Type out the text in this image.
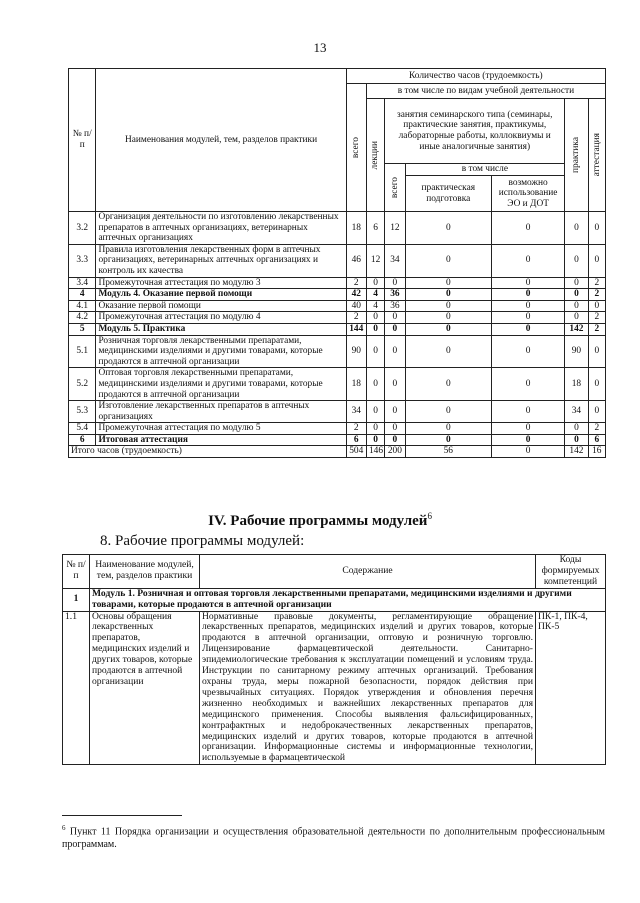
13
№ п/п	Наименования модулей, тем, разделов практики	Количество часов (трудоемкость)						

		всего	в том числе по видам учебной деятельности					

			лекции	занятия семинарского типа (семинары, практические занятия, практикумы, лабораторные работы, коллоквиумы и иные аналогичные занятия)			практика	аттестация

				всего	в том числе			
					практическая подготовка	возможно использование ЭО и ДОТ		
3.2	Организация деятельности по изготовлению лекарственных препаратов в аптечных организациях, ветеринарных аптечных организациях	18	6	12	0	0	0	0
3.3	Правила изготовления лекарственных форм в аптечных организациях, ветеринарных аптечных организациях и контроль их качества	46	12	34	0	0	0	0
3.4	Промежуточная аттестация по модулю 3	2	0	0	0	0	0	2
4	Модуль 4. Оказание первой помощи	42	4	36	0	0	0	2
4.1	Оказание первой помощи	40	4	36	0	0	0	0
4.2	Промежуточная аттестация по модулю 4	2	0	0	0	0	0	2
5	Модуль 5. Практика	144	0	0	0	0	142	2
5.1	Розничная торговля лекарственными препаратами, медицинскими изделиями и другими товарами, которые продаются в аптечной организации	90	0	0	0	0	90	0
5.2	Оптовая торговля лекарственными препаратами, медицинскими изделиями и другими товарами, которые продаются в аптечной организации	18	0	0	0	0	18	0
5.3	Изготовление лекарственных препаратов в аптечных организациях	34	0	0	0	0	34	0
5.4	Промежуточная аттестация по модулю 5	2	0	0	0	0	0	2
6	Итоговая аттестация	6	0	0	0	0	0	6
Итого часов (трудоемкость)		504	146	200	56	0	142	16
IV. Рабочие программы модулей$^6$
8. Рабочие программы модулей:
№ п/п	Наименование модулей, тем, разделов практики	Содержание	Коды формируемых компетенций
1	Модуль 1. Розничная и оптовая торговля лекарственными препаратами, медицинскими изделиями и другими товарами, которые продаются в аптечной организации		
1.1	Основы обращения лекарственных препаратов, медицинских изделий и других товаров, которые продаются в аптечной организации	Нормативные правовые документы, регламентирующие обращение лекарственных препаратов, медицинских изделий и других товаров, которые продаются в аптечной организации, оптовую и розничную торговлю. Лицензирование фармацевтической деятельности. Санитарно-эпидемиологические требования к эксплуатации помещений и условиям труда. Инструкции по санитарному режиму аптечных организаций. Требования охраны труда, меры пожарной безопасности, порядок действия при чрезвычайных ситуациях. Порядок утверждения и обновления перечня жизненно необходимых и важнейших лекарственных препаратов для медицинского применения. Способы выявления фальсифицированных, контрафактных и недоброкачественных лекарственных препаратов, медицинских изделий и других товаров, которые продаются в аптечной организации. Информационные системы и информационные технологии, используемые в фармацевтической	ПК-1, ПК-4, ПК-5
$^6$ Пункт 11 Порядка организации и осуществления образовательной деятельности по дополнительным профессиональным программам.
